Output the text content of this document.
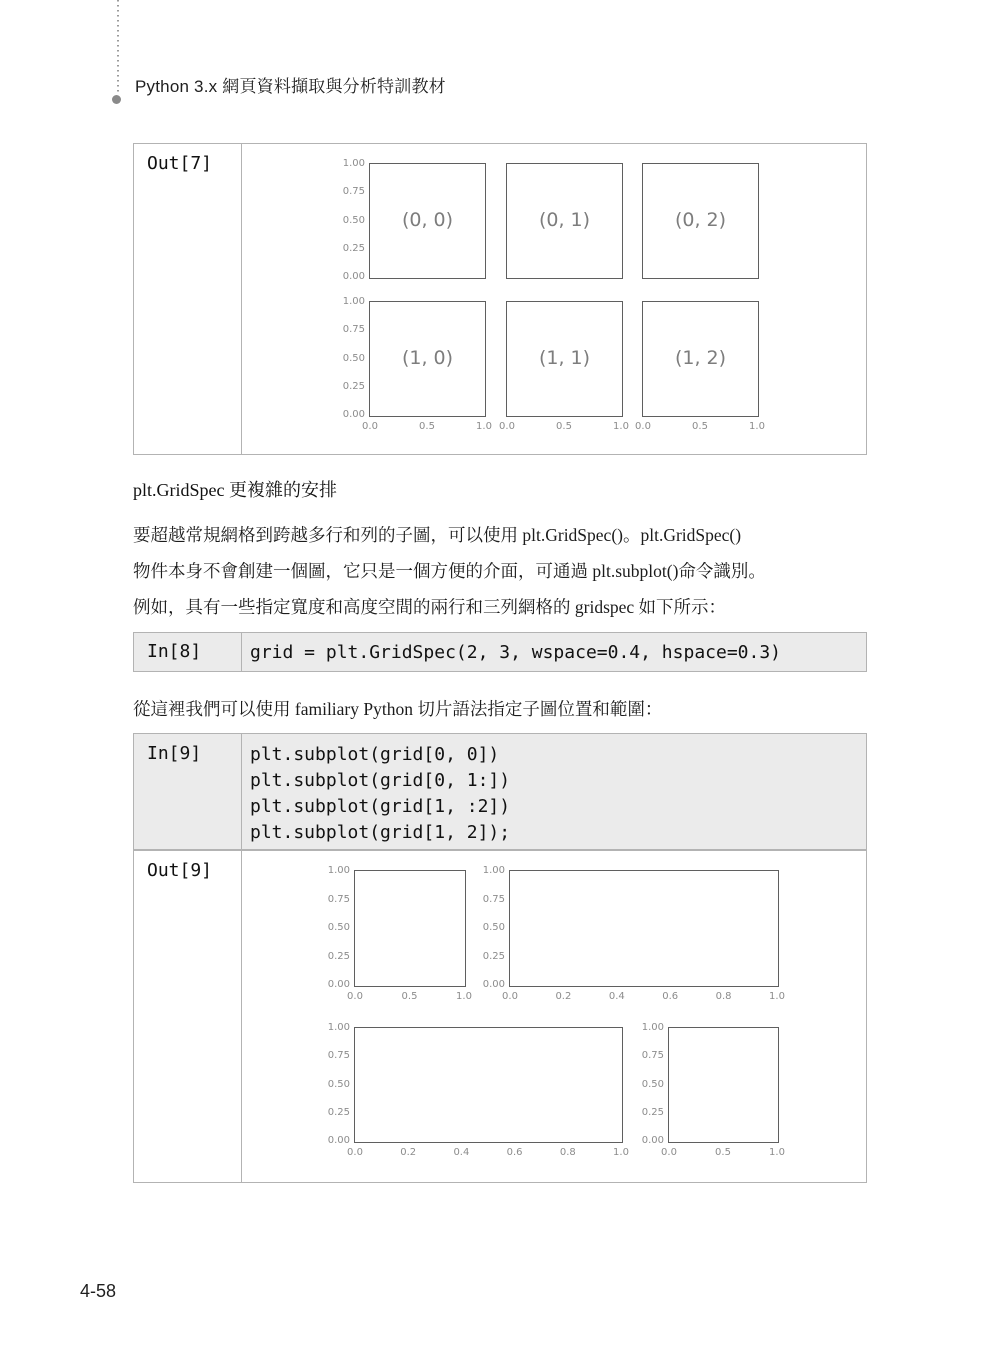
Python 3.x 網頁資料擷取與分析特訓教材
Out[7]	1.00
0.75
0.50
0.25
0.00
(0, 0)	(0, 1)	(0, 2)
1.00
0.75
0.50
0.25
0.00
0.0	0.5	1.0
(1, 0)
0.0	0.5	1.0
(1, 1)
0.0	0.5	1.0
(1, 2)
plt.GridSpec 更複雜的安排
要超越常規網格到跨越多行和列的子圖，可以使用 plt.GridSpec()。plt.GridSpec()
物件本身不會創建一個圖，它只是一個方便的介面，可通過 plt.subplot()命令識別。
例如，具有一些指定寬度和高度空間的兩行和三列網格的 gridspec 如下所示：
In[8]	grid = plt.GridSpec(2, 3, wspace=0.4, hspace=0.3)
從這裡我們可以使用 familiary Python 切片語法指定子圖位置和範圍：
In[9]	plt.subplot(grid[0, 0])
plt.subplot(grid[0, 1:])
plt.subplot(grid[1, :2])
plt.subplot(grid[1, 2]);
Out[9]	1.00
0.75
0.50
0.25
0.00
0.0	0.5	1.0
1.00
0.75
0.50
0.25
0.00
0.0	0.2	0.4	0.6	0.8	1.0
1.00
0.75
0.50
0.25
0.00
0.0	0.2	0.4	0.6	0.8	1.0
1.00
0.75
0.50
0.25
0.00
0.0	0.5	1.0
4-58
